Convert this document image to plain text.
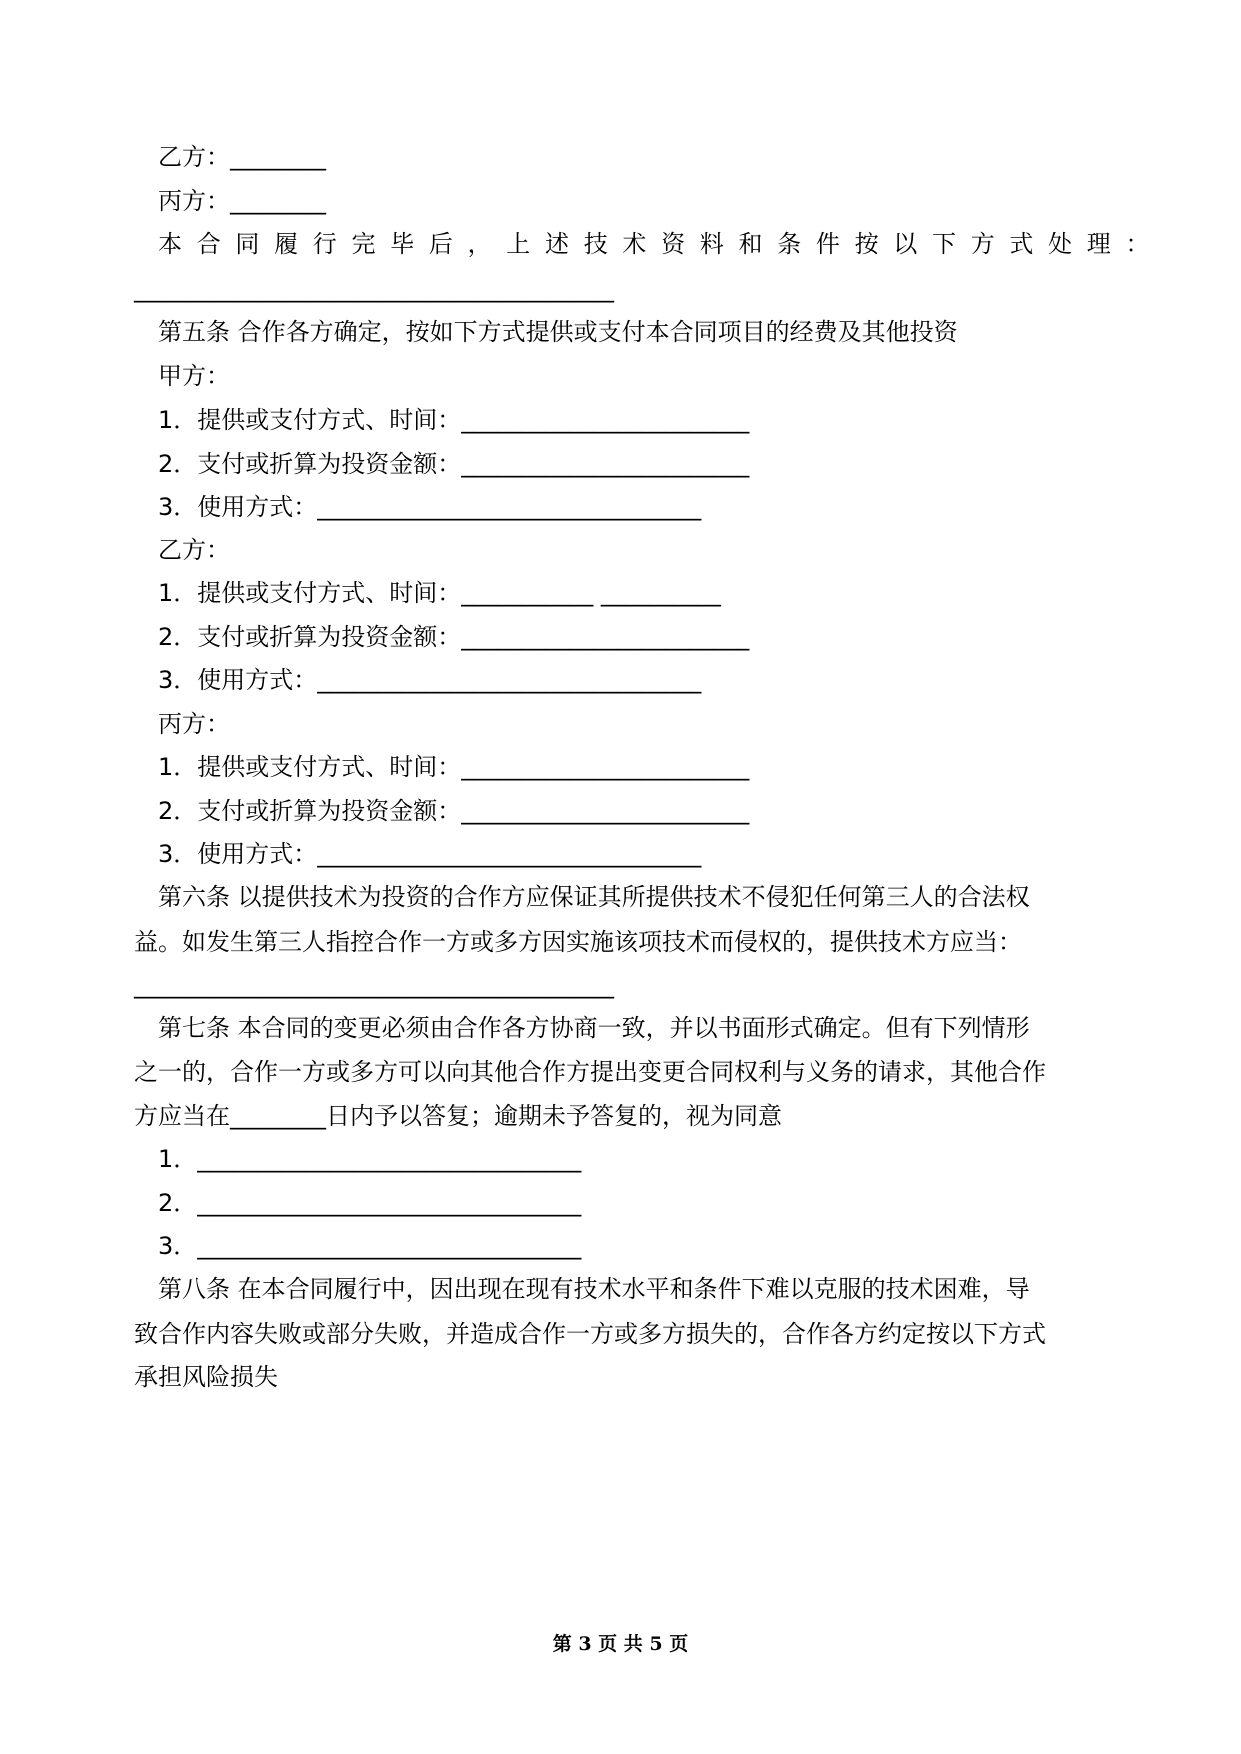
乙方：________
丙方：________
本合同履行完毕后，上述技术资料和条件按以下方式处理：
________________________________________
第五条 合作各方确定，按如下方式提供或支付本合同项目的经费及其他投资
甲方：
1．提供或支付方式、时间：________________________
2．支付或折算为投资金额：________________________
3．使用方式：________________________________
乙方：
1．提供或支付方式、时间：___________ __________
2．支付或折算为投资金额：________________________
3．使用方式：________________________________
丙方：
1．提供或支付方式、时间：________________________
2．支付或折算为投资金额：________________________
3．使用方式：________________________________
第六条 以提供技术为投资的合作方应保证其所提供技术不侵犯任何第三人的合法权
益。如发生第三人指控合作一方或多方因实施该项技术而侵权的，提供技术方应当：
________________________________________
第七条 本合同的变更必须由合作各方协商一致，并以书面形式确定。但有下列情形
之一的，合作一方或多方可以向其他合作方提出变更合同权利与义务的请求，其他合作
方应当在________日内予以答复；逾期未予答复的，视为同意
1．________________________________
2．________________________________
3．________________________________
第八条 在本合同履行中，因出现在现有技术水平和条件下难以克服的技术困难，导
致合作内容失败或部分失败，并造成合作一方或多方损失的，合作各方约定按以下方式
承担风险损失
第 3 页 共 5 页
